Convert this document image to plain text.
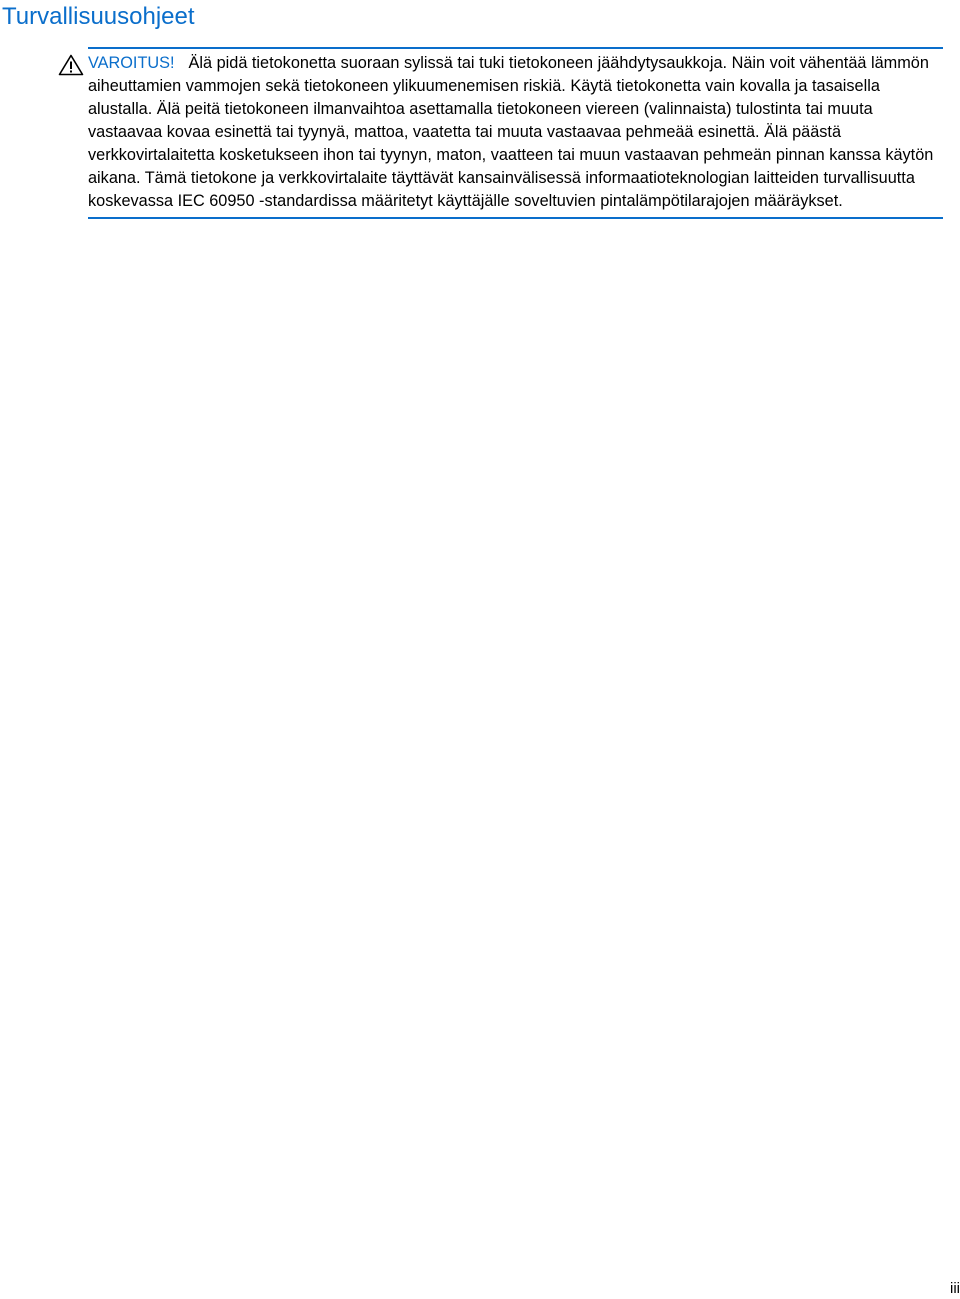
Turvallisuusohjeet

VAROITUS! Älä pidä tietokonetta suoraan sylissä tai tuki tietokoneen jäähdytysaukkoja. Näin voit vähentää lämmön aiheuttamien vammojen sekä tietokoneen ylikuumenemisen riskiä. Käytä tietokonetta vain kovalla ja tasaisella alustalla. Älä peitä tietokoneen ilmanvaihtoa asettamalla tietokoneen viereen (valinnaista) tulostinta tai muuta vastaavaa kovaa esinettä tai tyynyä, mattoa, vaatetta tai muuta vastaavaa pehmeää esinettä. Älä päästä verkkovirtalaitetta kosketukseen ihon tai tyynyn, maton, vaatteen tai muun vastaavan pehmeän pinnan kanssa käytön aikana. Tämä tietokone ja verkkovirtalaite täyttävät kansainvälisessä informaatioteknologian laitteiden turvallisuutta koskevassa IEC 60950 -standardissa määritetyt käyttäjälle soveltuvien pintalämpötilarajojen määräykset.

iii
